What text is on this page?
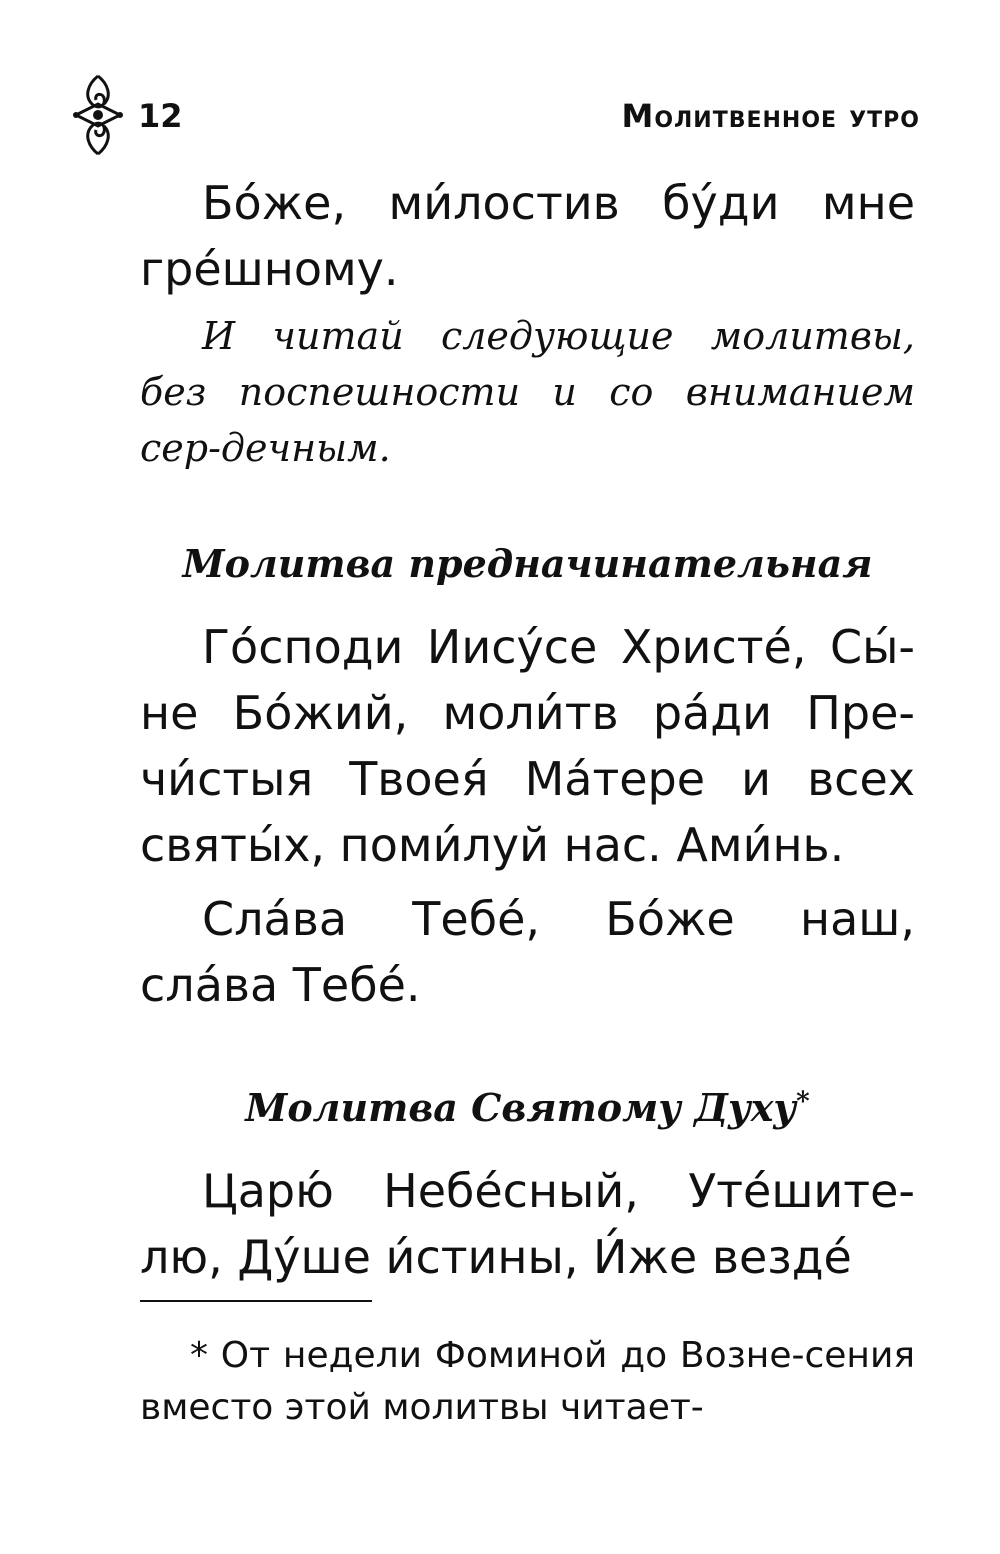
12	Молитвенное утро

Бо́же, ми́лостив бу́ди мне гре́шному.

И читай следующие молитвы, без поспешности и со вниманием сер-дечным.

Молитва предначинательная

Го́споди Иису́се Христе́, Сы́-не Бо́жий, моли́тв ра́ди Пре-чи́стыя Твоея́ Ма́тере и всех святы́х, поми́луй нас. Ами́нь.

Сла́ва Тебе́, Бо́же наш, сла́ва Тебе́.

Молитва Святому Духу*

Царю́ Небе́сный, Уте́шите-лю, Ду́ше и́стины, И́же везде́

* От недели Фоминой до Возне-сения вместо этой молитвы читает-
